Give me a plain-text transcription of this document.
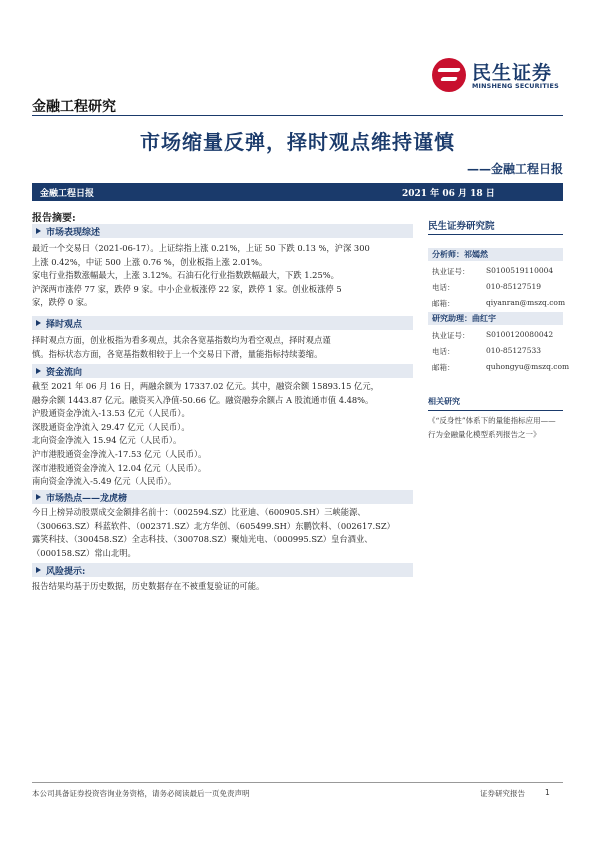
民生证券
MINSHENG SECURITIES
金融工程研究
市场缩量反弹，择时观点维持谨慎
——金融工程日报
金融工程日报	2021 年 06 月 18 日
报告摘要:
市场表现综述

最近一个交易日（2021-06-17）。上证综指上涨 0.21%，上证 50 下跌 0.13 %，沪深 300

上涨 0.42%，中证 500 上涨 0.76 %，创业板指上涨 2.01%。

家电行业指数涨幅最大，上涨 3.12%。石油石化行业指数跌幅最大，下跌 1.25%。

沪深两市涨停 77 家，跌停 9 家。中小企业板涨停 22 家，跌停 1 家。创业板涨停 5

家，跌停 0 家。

择时观点

择时观点方面，创业板指为看多观点，其余各宽基指数均为看空观点，择时观点谨

慎。指标状态方面，各宽基指数相较于上一个交易日下滑，量能指标持续萎缩。

资金流向

截至 2021 年 06 月 16 日，两融余额为 17337.02 亿元。其中，融资余额 15893.15 亿元，

融券余额 1443.87 亿元。融资买入净值-50.66 亿。融资融券余额占 A 股流通市值 4.48%。

沪股通资金净流入-13.53 亿元（人民币）。

深股通资金净流入 29.47 亿元（人民币）。

北向资金净流入 15.94 亿元（人民币）。

沪市港股通资金净流入-17.53 亿元（人民币）。

深市港股通资金净流入 12.04 亿元（人民币）。

南向资金净流入-5.49 亿元（人民币）。

市场热点——龙虎榜

今日上榜异动股票成交金额排名前十：（002594.SZ）比亚迪、（600905.SH）三峡能源、

（300663.SZ）科蓝软件、（002371.SZ）北方华创、（605499.SH）东鹏饮料、（002617.SZ）

露笑科技、（300458.SZ）全志科技、（300708.SZ）聚灿光电、（000995.SZ）皇台酒业、

（000158.SZ）常山北明。

风险提示:

报告结果均基于历史数据，历史数据存在不被重复验证的可能。

民生证券研究院
分析师：祁嫣然
执业证号： S0100519110004
电话：	010-85127519
邮箱：	qiyanran@mszq.com
研究助理：曲红宇
执业证号： S0100120080042
电话：	010-85127533
邮箱：	quhongyu@mszq.com
相关研究
《“反身性”体系下的量能指标应用——
行为金融量化模型系列报告之一》
本公司具备证券投资咨询业务资格，请务必阅读最后一页免责声明	证券研究报告	1
